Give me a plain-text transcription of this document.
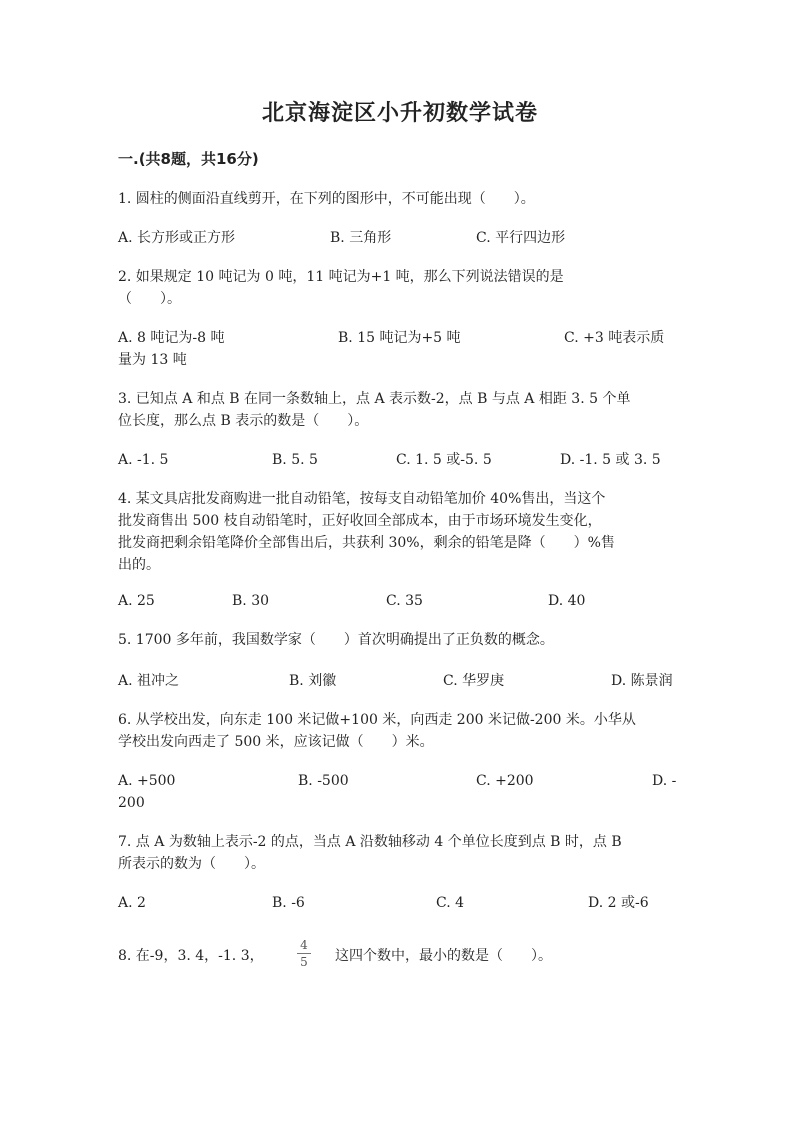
北京海淀区小升初数学试卷
一.(共8题，共16分)
1. 圆柱的侧面沿直线剪开，在下列的图形中，不可能出现（　　）。
A. 长方形或正方形	B. 三角形	C. 平行四边形
2. 如果规定 10 吨记为 0 吨，11 吨记为+1 吨，那么下列说法错误的是
（　　）。
A. 8 吨记为-8 吨	B. 15 吨记为+5 吨	C. +3 吨表示质
量为 13 吨
3. 已知点 A 和点 B 在同一条数轴上，点 A 表示数-2，点 B 与点 A 相距 3. 5 个单
位长度，那么点 B 表示的数是（　　）。
A. -1. 5	B. 5. 5	C. 1. 5 或-5. 5	D. -1. 5 或 3. 5
4. 某文具店批发商购进一批自动铅笔，按每支自动铅笔加价 40%售出，当这个
批发商售出 500 枝自动铅笔时，正好收回全部成本，由于市场环境发生变化，
批发商把剩余铅笔降价全部售出后，共获利 30%，剩余的铅笔是降（　　）%售
出的。
A. 25	B. 30	C. 35	D. 40
5. 1700 多年前，我国数学家（　　）首次明确提出了正负数的概念。
A. 祖冲之	B. 刘徽	C. 华罗庚	D. 陈景润
6. 从学校出发，向东走 100 米记做+100 米，向西走 200 米记做-200 米。小华从
学校出发向西走了 500 米，应该记做（　　）米。
A. +500	B. -500	C. +200	D. -
200
7. 点 A 为数轴上表示-2 的点，当点 A 沿数轴移动 4 个单位长度到点 B 时，点 B
所表示的数为（　　）。
A. 2	B. -6	C. 4	D. 2 或-6
8. 在-9，3. 4，-1. 3，
4
5 这四个数中，最小的数是（　　）。
